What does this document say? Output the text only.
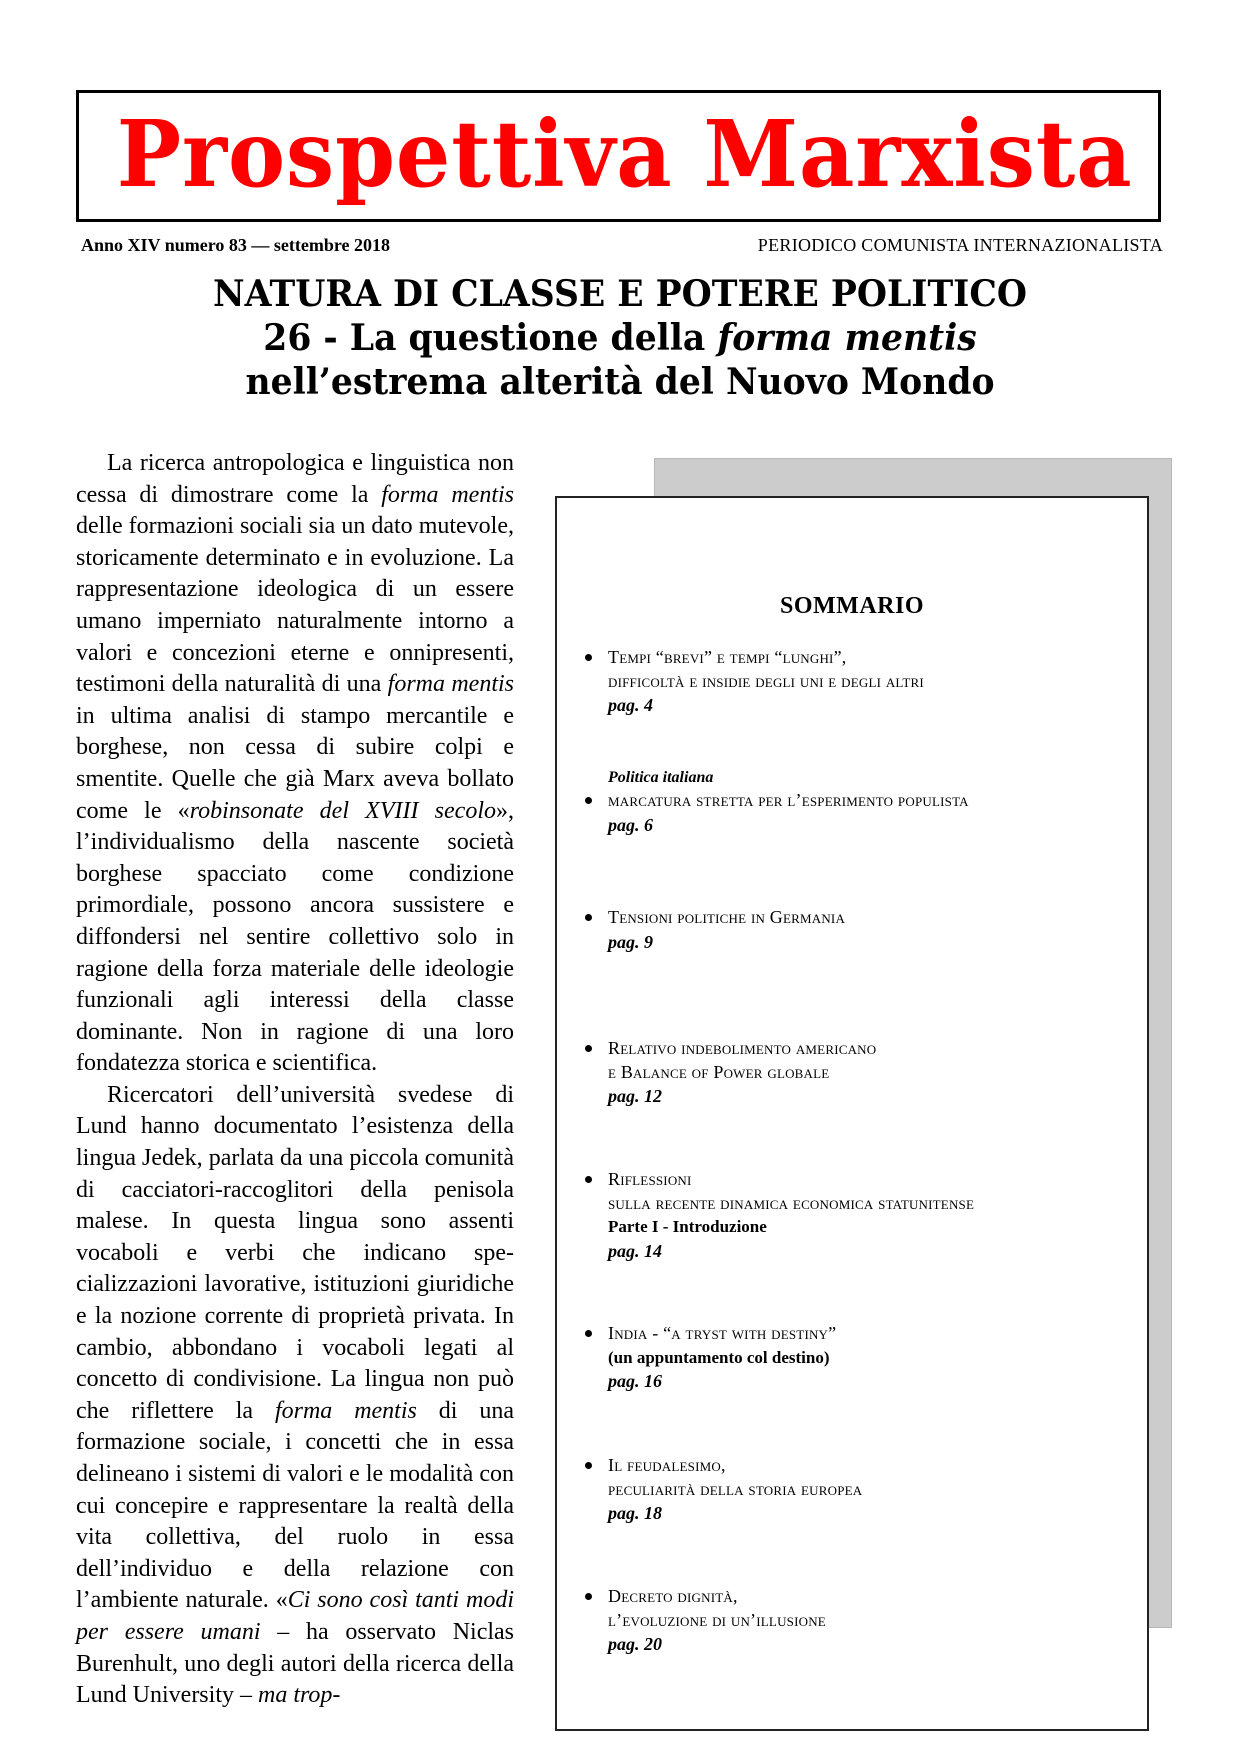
Prospettiva Marxista
Anno XIV numero 83 — settembre 2018	PERIODICO COMUNISTA INTERNAZIONALISTA
NATURA DI CLASSE E POTERE POLITICO
26 - La questione della forma mentis
nell’estrema alterità del Nuovo Mondo

La ricerca antropologica e linguistica non cessa di dimostrare come la forma mentis delle formazioni sociali sia un dato mutevole, storicamente determinato e in evoluzione. La rappresentazione ideologica di un essere umano imperniato naturalmente intorno a valori e concezioni eterne e onnipresenti, testimoni della naturalità di una forma mentis in ultima analisi di stampo mercantile e borghese, non cessa di subire colpi e smentite. Quelle che già Marx aveva bollato come le «robinsonate del XVIII secolo», l’individualismo della nascente società borghese spacciato come condizione primordiale, possono ancora sussistere e diffondersi nel sentire collettivo solo in ragione della forza materiale delle ideologie funzionali agli interessi della classe dominante. Non in ragione di una loro fondatezza storica e scientifica.

Ricercatori dell’università svedese di Lund hanno documentato l’esistenza della lingua Jedek, parlata da una piccola comunità di cacciatori-raccoglitori della penisola malese. In questa lingua sono assenti vocaboli e verbi che indicano specializzazioni lavorative, istituzioni giuridiche e la nozione corrente di proprietà privata. In cambio, abbondano i vocaboli legati al concetto di condivisione. La lingua non può che riflettere la forma mentis di una formazione sociale, i concetti che in essa delineano i sistemi di valori e le modalità con cui concepire e rappresentare la realtà della vita collettiva, del ruolo in essa dell’individuo e della relazione con l’ambiente naturale. «Ci sono così tanti modi per essere umani – ha osservato Niclas Burenhult, uno degli autori della ricerca della Lund University – ma trop-

SOMMARIO
Tempi “brevi” e tempi “lunghi”,
difficoltà e insidie degli uni e degli altri
pag. 4
Politica italiana
marcatura stretta per l’esperimento populista
pag. 6
Tensioni politiche in Germania
pag. 9
Relativo indebolimento americano
e Balance of Power globale
pag. 12
Riflessioni
sulla recente dinamica economica statunitense
Parte I - Introduzione
pag. 14
India - “a tryst with destiny”
(un appuntamento col destino)
pag. 16
Il feudalesimo,
peculiarità della storia europea
pag. 18
Decreto dignità,
l’evoluzione di un’illusione
pag. 20
